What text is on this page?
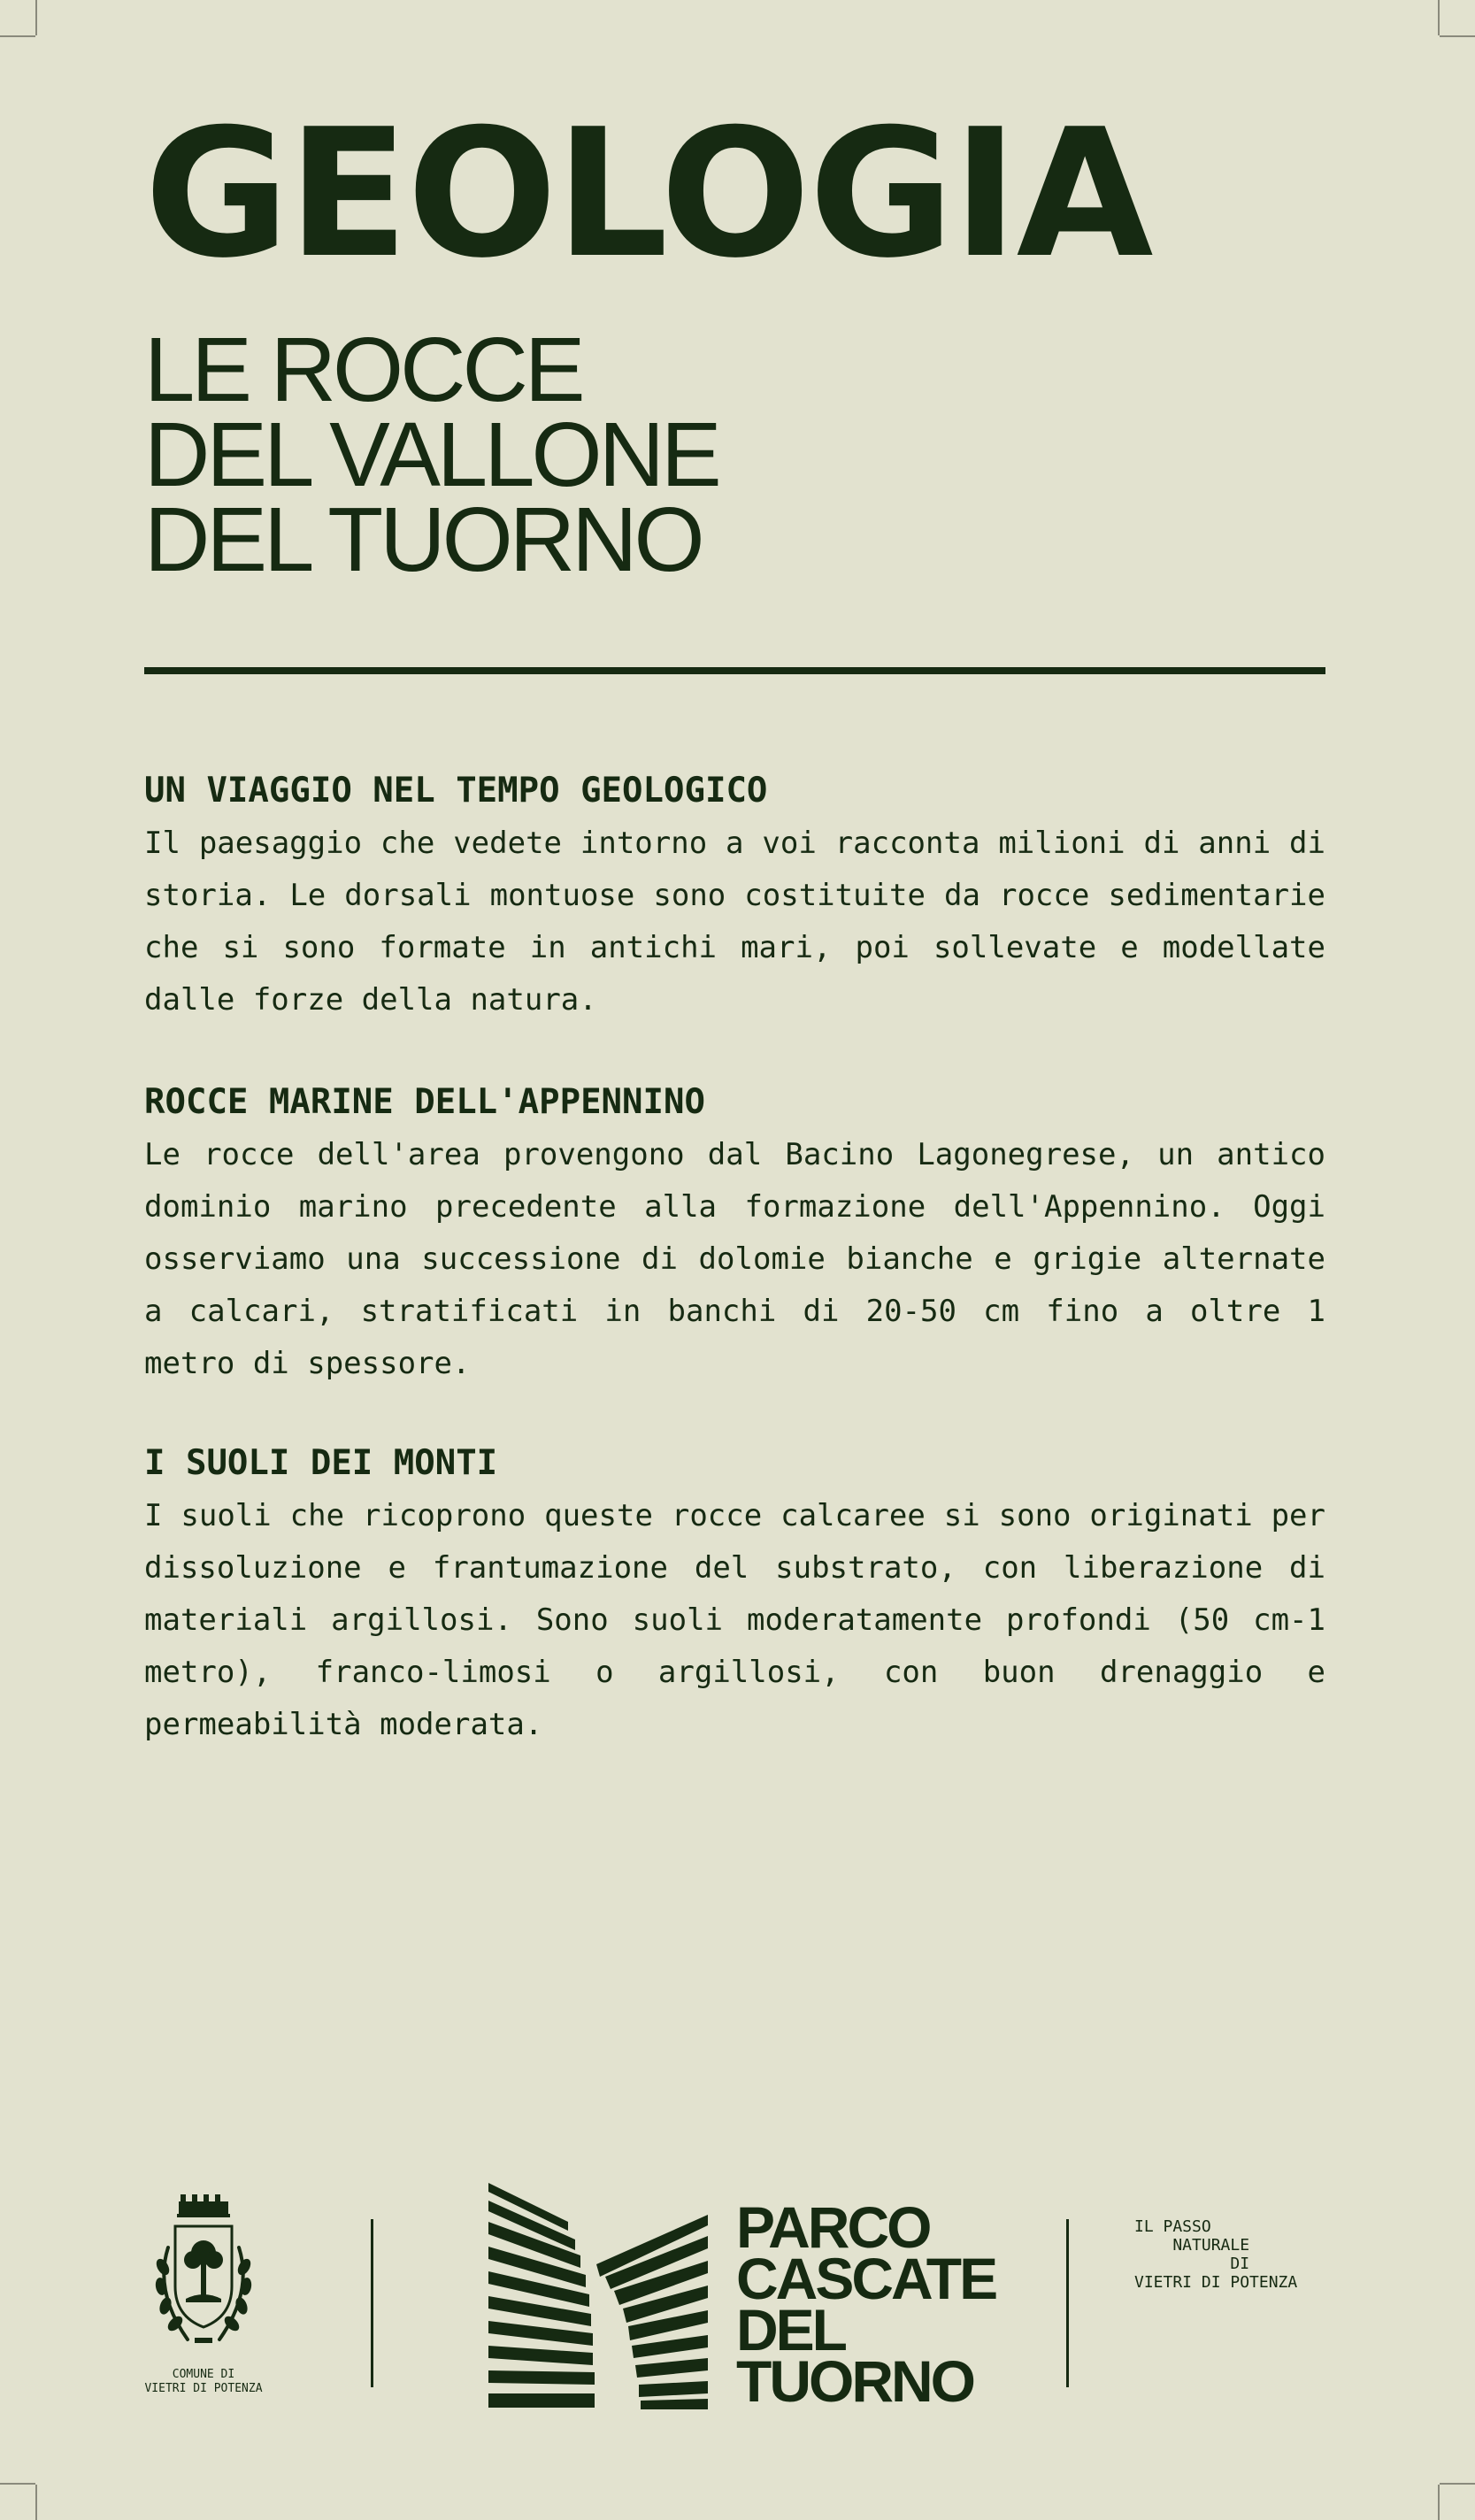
GEOLOGIA
LE ROCCE
DEL VALLONE
DEL TUORNO
UN VIAGGIO NEL TEMPO GEOLOGICO

Il paesaggio che vedete intorno a voi racconta milioni di anni di storia. Le dorsali montuose sono costituite da rocce sedimentarie che si sono formate in antichi mari, poi sollevate e modellate dalle forze della natura.

ROCCE MARINE DELL'APPENNINO

Le rocce dell'area provengono dal Bacino Lagonegrese, un antico dominio marino precedente alla formazione dell'Appennino. Oggi osserviamo una successione di dolomie bianche e grigie alternate a calcari, stratificati in banchi di 20-50 cm fino a oltre 1 metro di spessore.

I SUOLI DEI MONTI

I suoli che ricoprono queste rocce calcaree si sono originati per dissoluzione e frantumazione del substrato, con liberazione di materiali argillosi. Sono suoli moderatamente profondi (50 cm-1 metro), franco-limosi o argillosi, con buon drenaggio e permeabilità moderata.

COMUNE DI
VIETRI DI POTENZA
PARCO
CASCATE
DEL
TUORNO
IL PASSO
NATURALE
DI
VIETRI DI POTENZA
